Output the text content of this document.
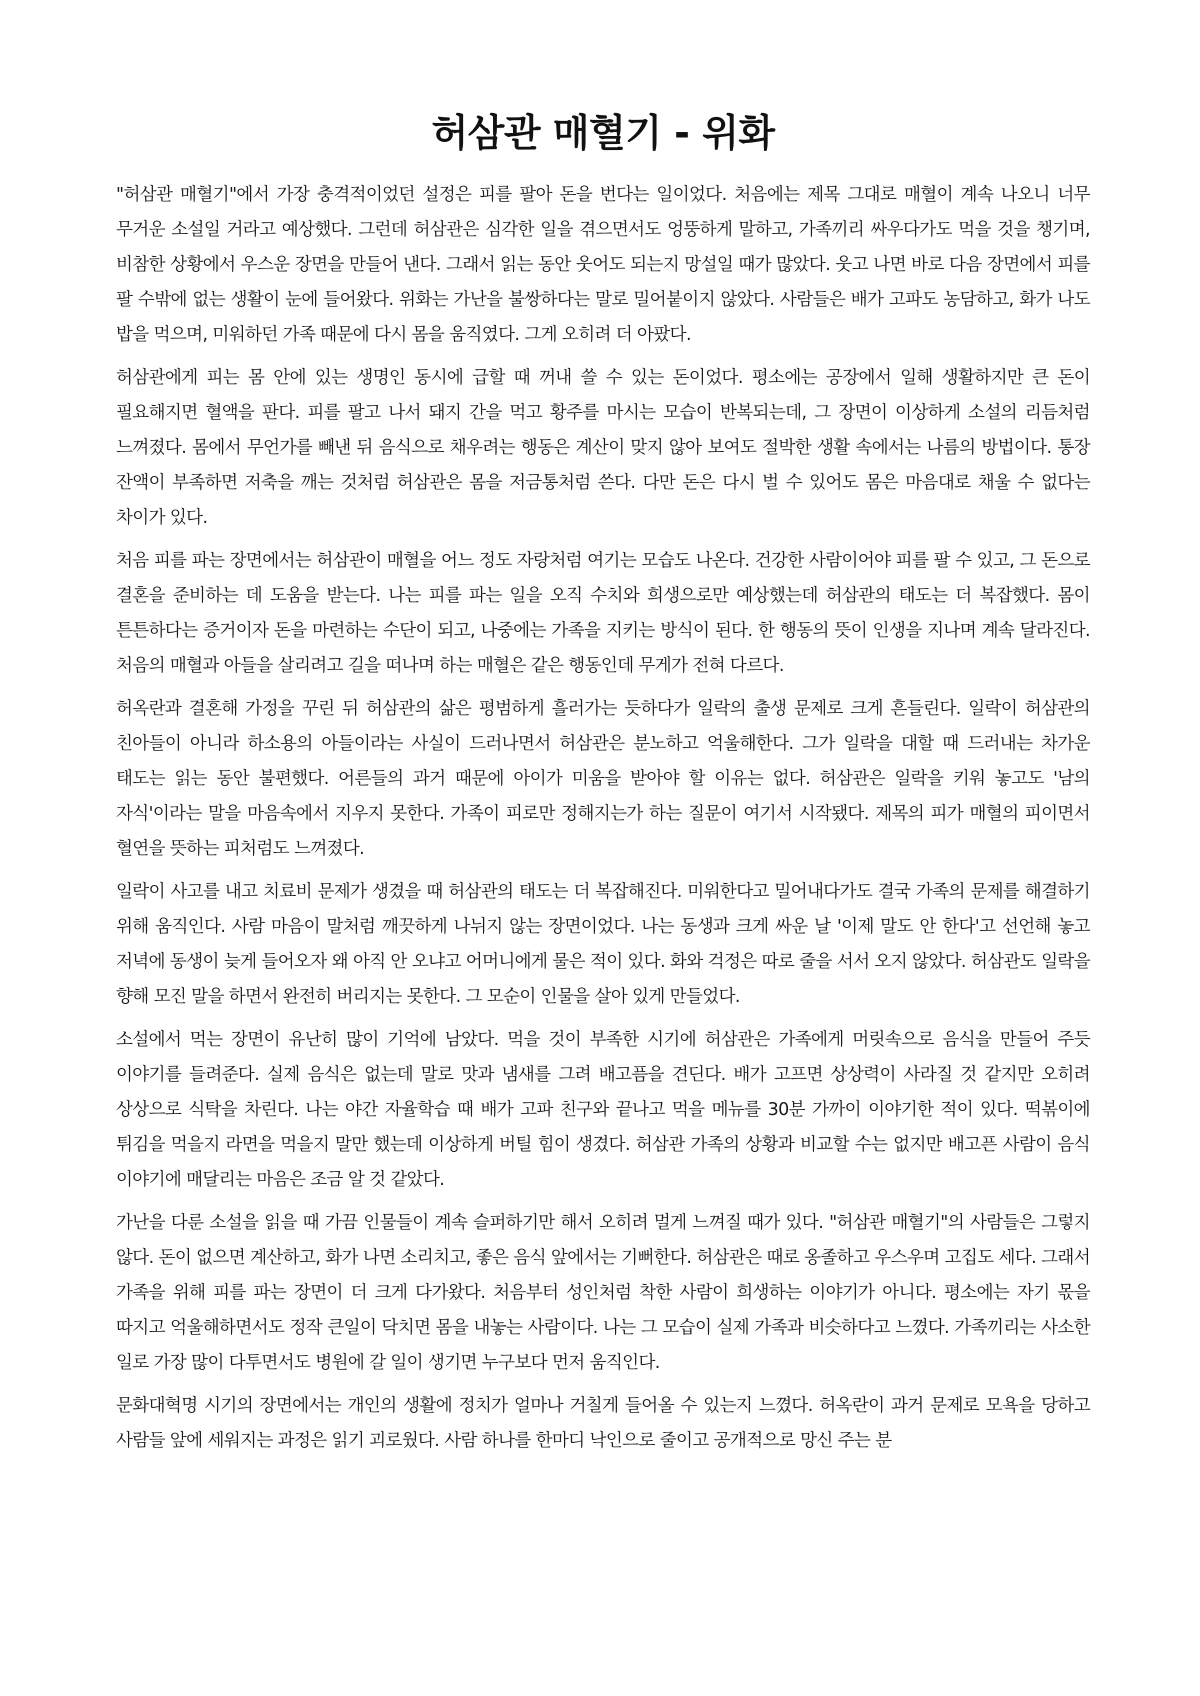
허삼관 매혈기 - 위화

"허삼관 매혈기"에서 가장 충격적이었던 설정은 피를 팔아 돈을 번다는 일이었다. 처음에는 제목 그대로 매혈이 계속 나오니 너무 무거운 소설일 거라고 예상했다. 그런데 허삼관은 심각한 일을 겪으면서도 엉뚱하게 말하고, 가족끼리 싸우다가도 먹을 것을 챙기며, 비참한 상황에서 우스운 장면을 만들어 낸다. 그래서 읽는 동안 웃어도 되는지 망설일 때가 많았다. 웃고 나면 바로 다음 장면에서 피를 팔 수밖에 없는 생활이 눈에 들어왔다. 위화는 가난을 불쌍하다는 말로 밀어붙이지 않았다. 사람들은 배가 고파도 농담하고, 화가 나도 밥을 먹으며, 미워하던 가족 때문에 다시 몸을 움직였다. 그게 오히려 더 아팠다.

허삼관에게 피는 몸 안에 있는 생명인 동시에 급할 때 꺼내 쓸 수 있는 돈이었다. 평소에는 공장에서 일해 생활하지만 큰 돈이 필요해지면 혈액을 판다. 피를 팔고 나서 돼지 간을 먹고 황주를 마시는 모습이 반복되는데, 그 장면이 이상하게 소설의 리듬처럼 느껴졌다. 몸에서 무언가를 빼낸 뒤 음식으로 채우려는 행동은 계산이 맞지 않아 보여도 절박한 생활 속에서는 나름의 방법이다. 통장 잔액이 부족하면 저축을 깨는 것처럼 허삼관은 몸을 저금통처럼 쓴다. 다만 돈은 다시 벌 수 있어도 몸은 마음대로 채울 수 없다는 차이가 있다.

처음 피를 파는 장면에서는 허삼관이 매혈을 어느 정도 자랑처럼 여기는 모습도 나온다. 건강한 사람이어야 피를 팔 수 있고, 그 돈으로 결혼을 준비하는 데 도움을 받는다. 나는 피를 파는 일을 오직 수치와 희생으로만 예상했는데 허삼관의 태도는 더 복잡했다. 몸이 튼튼하다는 증거이자 돈을 마련하는 수단이 되고, 나중에는 가족을 지키는 방식이 된다. 한 행동의 뜻이 인생을 지나며 계속 달라진다. 처음의 매혈과 아들을 살리려고 길을 떠나며 하는 매혈은 같은 행동인데 무게가 전혀 다르다.

허옥란과 결혼해 가정을 꾸린 뒤 허삼관의 삶은 평범하게 흘러가는 듯하다가 일락의 출생 문제로 크게 흔들린다. 일락이 허삼관의 친아들이 아니라 하소용의 아들이라는 사실이 드러나면서 허삼관은 분노하고 억울해한다. 그가 일락을 대할 때 드러내는 차가운 태도는 읽는 동안 불편했다. 어른들의 과거 때문에 아이가 미움을 받아야 할 이유는 없다. 허삼관은 일락을 키워 놓고도 '남의 자식'이라는 말을 마음속에서 지우지 못한다. 가족이 피로만 정해지는가 하는 질문이 여기서 시작됐다. 제목의 피가 매혈의 피이면서 혈연을 뜻하는 피처럼도 느껴졌다.

일락이 사고를 내고 치료비 문제가 생겼을 때 허삼관의 태도는 더 복잡해진다. 미워한다고 밀어내다가도 결국 가족의 문제를 해결하기 위해 움직인다. 사람 마음이 말처럼 깨끗하게 나뉘지 않는 장면이었다. 나는 동생과 크게 싸운 날 '이제 말도 안 한다'고 선언해 놓고 저녁에 동생이 늦게 들어오자 왜 아직 안 오냐고 어머니에게 물은 적이 있다. 화와 걱정은 따로 줄을 서서 오지 않았다. 허삼관도 일락을 향해 모진 말을 하면서 완전히 버리지는 못한다. 그 모순이 인물을 살아 있게 만들었다.

소설에서 먹는 장면이 유난히 많이 기억에 남았다. 먹을 것이 부족한 시기에 허삼관은 가족에게 머릿속으로 음식을 만들어 주듯 이야기를 들려준다. 실제 음식은 없는데 말로 맛과 냄새를 그려 배고픔을 견딘다. 배가 고프면 상상력이 사라질 것 같지만 오히려 상상으로 식탁을 차린다. 나는 야간 자율학습 때 배가 고파 친구와 끝나고 먹을 메뉴를 30분 가까이 이야기한 적이 있다. 떡볶이에 튀김을 먹을지 라면을 먹을지 말만 했는데 이상하게 버틸 힘이 생겼다. 허삼관 가족의 상황과 비교할 수는 없지만 배고픈 사람이 음식 이야기에 매달리는 마음은 조금 알 것 같았다.

가난을 다룬 소설을 읽을 때 가끔 인물들이 계속 슬퍼하기만 해서 오히려 멀게 느껴질 때가 있다. "허삼관 매혈기"의 사람들은 그렇지 않다. 돈이 없으면 계산하고, 화가 나면 소리치고, 좋은 음식 앞에서는 기뻐한다. 허삼관은 때로 옹졸하고 우스우며 고집도 세다. 그래서 가족을 위해 피를 파는 장면이 더 크게 다가왔다. 처음부터 성인처럼 착한 사람이 희생하는 이야기가 아니다. 평소에는 자기 몫을 따지고 억울해하면서도 정작 큰일이 닥치면 몸을 내놓는 사람이다. 나는 그 모습이 실제 가족과 비슷하다고 느꼈다. 가족끼리는 사소한 일로 가장 많이 다투면서도 병원에 갈 일이 생기면 누구보다 먼저 움직인다.

문화대혁명 시기의 장면에서는 개인의 생활에 정치가 얼마나 거칠게 들어올 수 있는지 느꼈다. 허옥란이 과거 문제로 모욕을 당하고 사람들 앞에 세워지는 과정은 읽기 괴로웠다. 사람 하나를 한마디 낙인으로 줄이고 공개적으로 망신 주는 분
